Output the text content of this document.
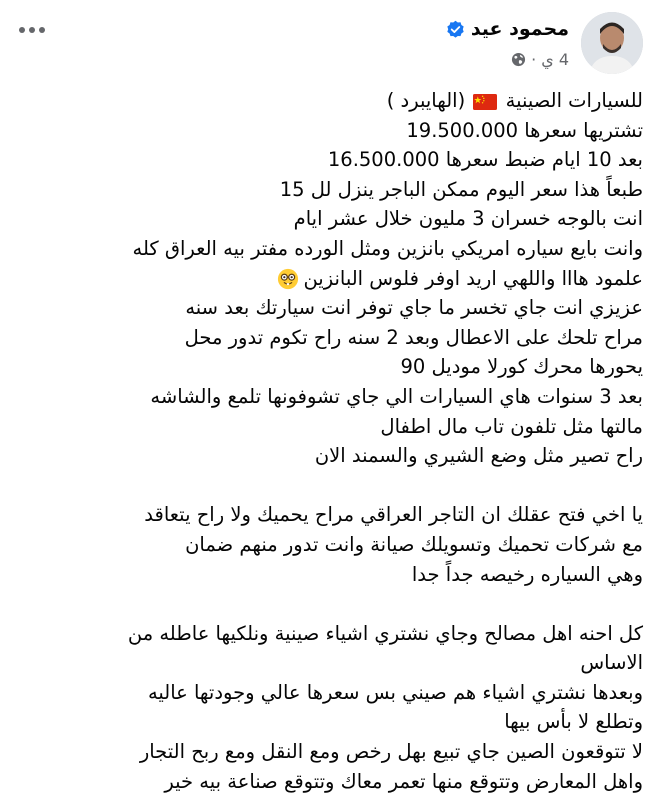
محمود عيد
4 ي
·
للسيارات الصينية  (الهايبرد )
تشتريها سعرها 19.500.000
بعد 10 ايام ضبط سعرها 16.500.000
طبعاً هذا سعر اليوم ممكن الباجر ينزل لل 15
انت بالوجه خسران 3 مليون خلال عشر ايام
وانت بايع سياره امريكي بانزين ومثل الورده مفتر بيه العراق كله
علمود هااا واللهي اريد اوفر فلوس البانزين
عزيزي انت جاي تخسر ما جاي توفر انت سيارتك بعد سنه
مراح تلحك على الاعطال وبعد 2 سنه راح تكوم تدور محل
يحورها محرك كورلا موديل 90
بعد 3 سنوات هاي السيارات الي جاي تشوفونها تلمع والشاشه
مالتها مثل تلفون تاب مال اطفال
راح تصير مثل وضع الشيري والسمند الان
يا اخي فتح عقلك ان التاجر العراقي مراح يحميك ولا راح يتعاقد
مع شركات تحميك وتسويلك صيانة وانت تدور منهم ضمان
وهي السياره رخيصه جداً جدا
كل احنه اهل مصالح وجاي نشتري اشياء صينية ونلكيها عاطله من
الاساس
وبعدها نشتري اشياء هم صيني بس سعرها عالي وجودتها عاليه
وتطلع لا بأس بيها
لا تتوقعون الصين جاي تبيع بهل رخص ومع النقل ومع ربح التجار
واهل المعارض وتتوقع منها تعمر معاك وتتوقع صناعة بيه خير
